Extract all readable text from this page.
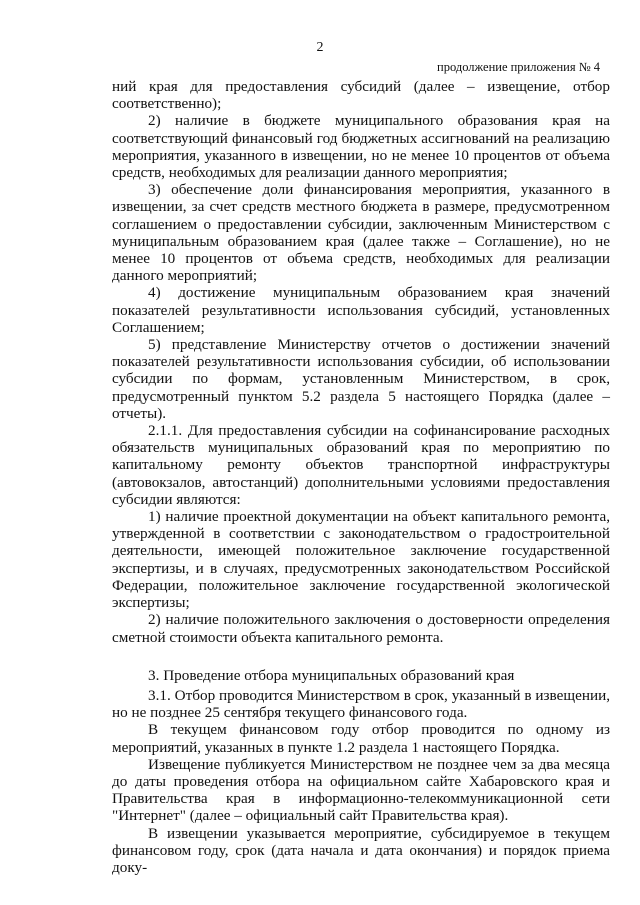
2
продолжение приложения № 4

ний края для предоставления субсидий (далее – извещение, отбор соответственно);

2) наличие в бюджете муниципального образования края на соответствующий финансовый год бюджетных ассигнований на реализацию мероприятия, указанного в извещении, но не менее 10 процентов от объема средств, необходимых для реализации данного мероприятия;

3) обеспечение доли финансирования мероприятия, указанного в извещении, за счет средств местного бюджета в размере, предусмотренном соглашением о предоставлении субсидии, заключенным Министерством с муниципальным образованием края (далее также – Соглашение), но не менее 10 процентов от объема средств, необходимых для реализации данного мероприятий;

4) достижение муниципальным образованием края значений показателей результативности использования субсидий, установленных Соглашением;

5) представление Министерству отчетов о достижении значений показателей результативности использования субсидии, об использовании субсидии по формам, установленным Министерством, в срок, предусмотренный пунктом 5.2 раздела 5 настоящего Порядка (далее – отчеты).

2.1.1. Для предоставления субсидии на софинансирование расходных обязательств муниципальных образований края по мероприятию по капитальному ремонту объектов транспортной инфраструктуры (автовокзалов, автостанций) дополнительными условиями предоставления субсидии являются:

1) наличие проектной документации на объект капитального ремонта, утвержденной в соответствии с законодательством о градостроительной деятельности, имеющей положительное заключение государственной экспертизы, и в случаях, предусмотренных законодательством Российской Федерации, положительное заключение государственной экологической экспертизы;

2) наличие положительного заключения о достоверности определения сметной стоимости объекта капитального ремонта.

3. Проведение отбора муниципальных образований края

3.1. Отбор проводится Министерством в срок, указанный в извещении, но не позднее 25 сентября текущего финансового года.

В текущем финансовом году отбор проводится по одному из мероприятий, указанных в пункте 1.2 раздела 1 настоящего Порядка.

Извещение публикуется Министерством не позднее чем за два месяца до даты проведения отбора на официальном сайте Хабаровского края и Правительства края в информационно-телекоммуникационной сети "Интернет" (далее – официальный сайт Правительства края).

В извещении указывается мероприятие, субсидируемое в текущем финансовом году, срок (дата начала и дата окончания) и порядок приема доку-
